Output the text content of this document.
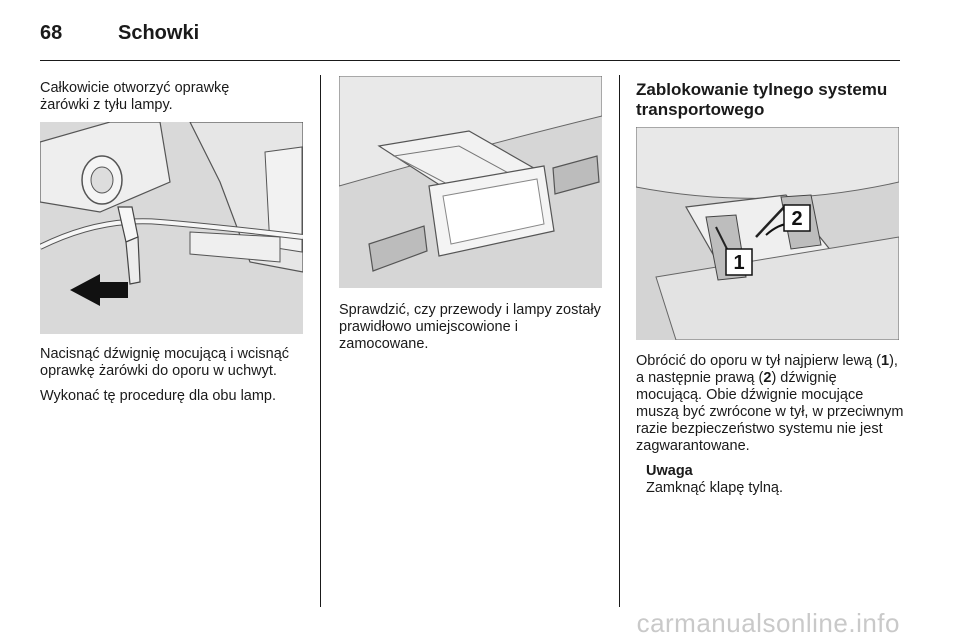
68	Schowki

Całkowicie otworzyć oprawkę żarówki z tyłu lampy.

Nacisnąć dźwignię mocującą i wcisnąć oprawkę żarówki do oporu w uchwyt.

Wykonać tę procedurę dla obu lamp.

Sprawdzić, czy przewody i lampy zostały prawidłowo umiejscowione i zamocowane.

Zablokowanie tylnego systemu transportowego

1
2

Obrócić do oporu w tył najpierw lewą (1), a następnie prawą (2) dźwignię mocującą. Obie dźwignie mocujące muszą być zwrócone w tył, w przeciwnym razie bezpieczeństwo systemu nie jest zagwarantowane.

Uwaga
Zamknąć klapę tylną.
carmanualsonline.info
